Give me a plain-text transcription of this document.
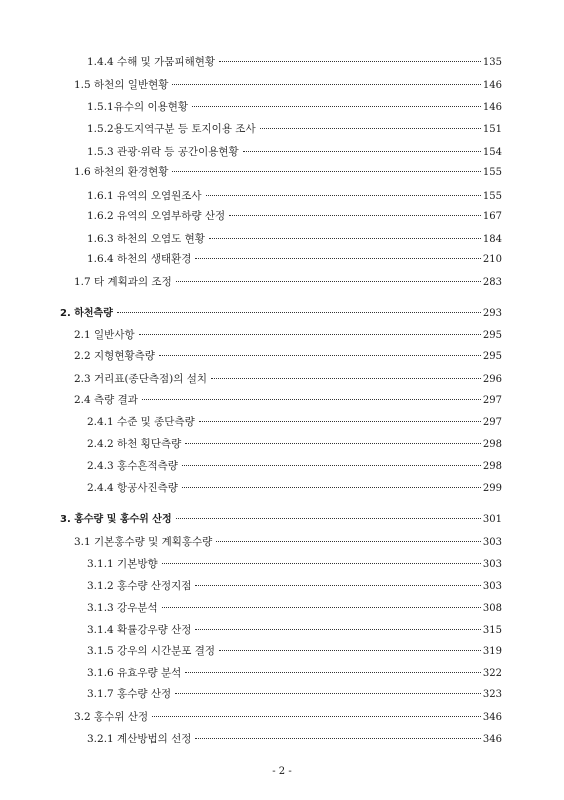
1.4.4 수해 및 가뭄피해현황	135
1.5 하천의 일반현황	146
1.5.1유수의 이용현황	146
1.5.2용도지역구분 등 토지이용 조사	151
1.5.3 관광·위락 등 공간이용현황	154
1.6 하천의 환경현황	155
1.6.1 유역의 오염원조사	155
1.6.2 유역의 오염부하량 산정	167
1.6.3 하천의 오염도 현황	184
1.6.4 하천의 생태환경	210
1.7 타 계획과의 조정	283
2. 하천측량	293
2.1 일반사항	295
2.2 지형현황측량	295
2.3 거리표(종단측점)의 설치	296
2.4 측량 결과	297
2.4.1 수준 및 종단측량	297
2.4.2 하천 횡단측량	298
2.4.3 홍수흔적측량	298
2.4.4 항공사진측량	299
3. 홍수량 및 홍수위 산정	301
3.1 기본홍수량 및 계획홍수량	303
3.1.1 기본방향	303
3.1.2 홍수량 산정지점	303
3.1.3 강우분석	308
3.1.4 확률강우량 산정	315
3.1.5 강우의 시간분포 결정	319
3.1.6 유효우량 분석	322
3.1.7 홍수량 산정	323
3.2 홍수위 산정	346
3.2.1 계산방법의 선정	346
- 2 -
